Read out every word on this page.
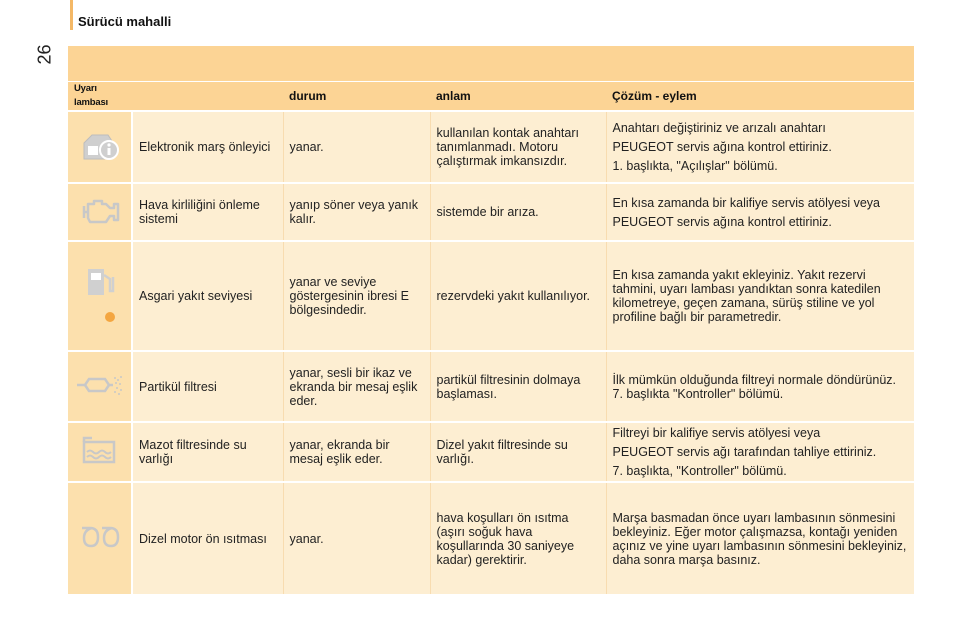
Sürücü mahalli
26
Uyarı lambası		durum	anlam	Çözüm - eylem
	Elektronik marş önleyici	yanar.	kullanılan kontak anahtarı tanımlanmadı. Motoru çalıştırmak imkansızdır.	Anahtarı değiştiriniz ve arızalı anahtarı
PEUGEOT servis ağına kontrol ettiriniz.
1. başlıkta, "Açılışlar" bölümü.

	Hava kirliliğini önleme sistemi	yanıp söner veya yanık kalır.	sistemde bir arıza.	En kısa zamanda bir kalifiye servis atölyesi veya
PEUGEOT servis ağına kontrol ettiriniz.

	Asgari yakıt seviyesi	yanar ve seviye göstergesinin ibresi E bölgesindedir.	rezervdeki yakıt kullanılıyor.	En kısa zamanda yakıt ekleyiniz. Yakıt rezervi tahmini, uyarı lambası yandıktan sonra katedilen kilometreye, geçen zamana, sürüş stiline ve yol profiline bağlı bir parametredir.

	Partikül filtresi	yanar, sesli bir ikaz ve ekranda bir mesaj eşlik eder.	partikül filtresinin dolmaya başlaması.	İlk mümkün olduğunda filtreyi normale döndürünüz. 7. başlıkta "Kontroller" bölümü.

	Mazot filtresinde su varlığı	yanar, ekranda bir mesaj eşlik eder.	Dizel yakıt filtresinde su varlığı.	Filtreyi bir kalifiye servis atölyesi veya
PEUGEOT servis ağı tarafından tahliye ettiriniz.
7. başlıkta, "Kontroller" bölümü.

	Dizel motor ön ısıtması	yanar.	hava koşulları ön ısıtma (aşırı soğuk hava koşullarında 30 saniyeye kadar) gerektirir.	Marşa basmadan önce uyarı lambasının sönmesini bekleyiniz. Eğer motor çalışmazsa, kontağı yeniden açınız ve yine uyarı lambasının sönmesini bekleyiniz, daha sonra marşa basınız.
